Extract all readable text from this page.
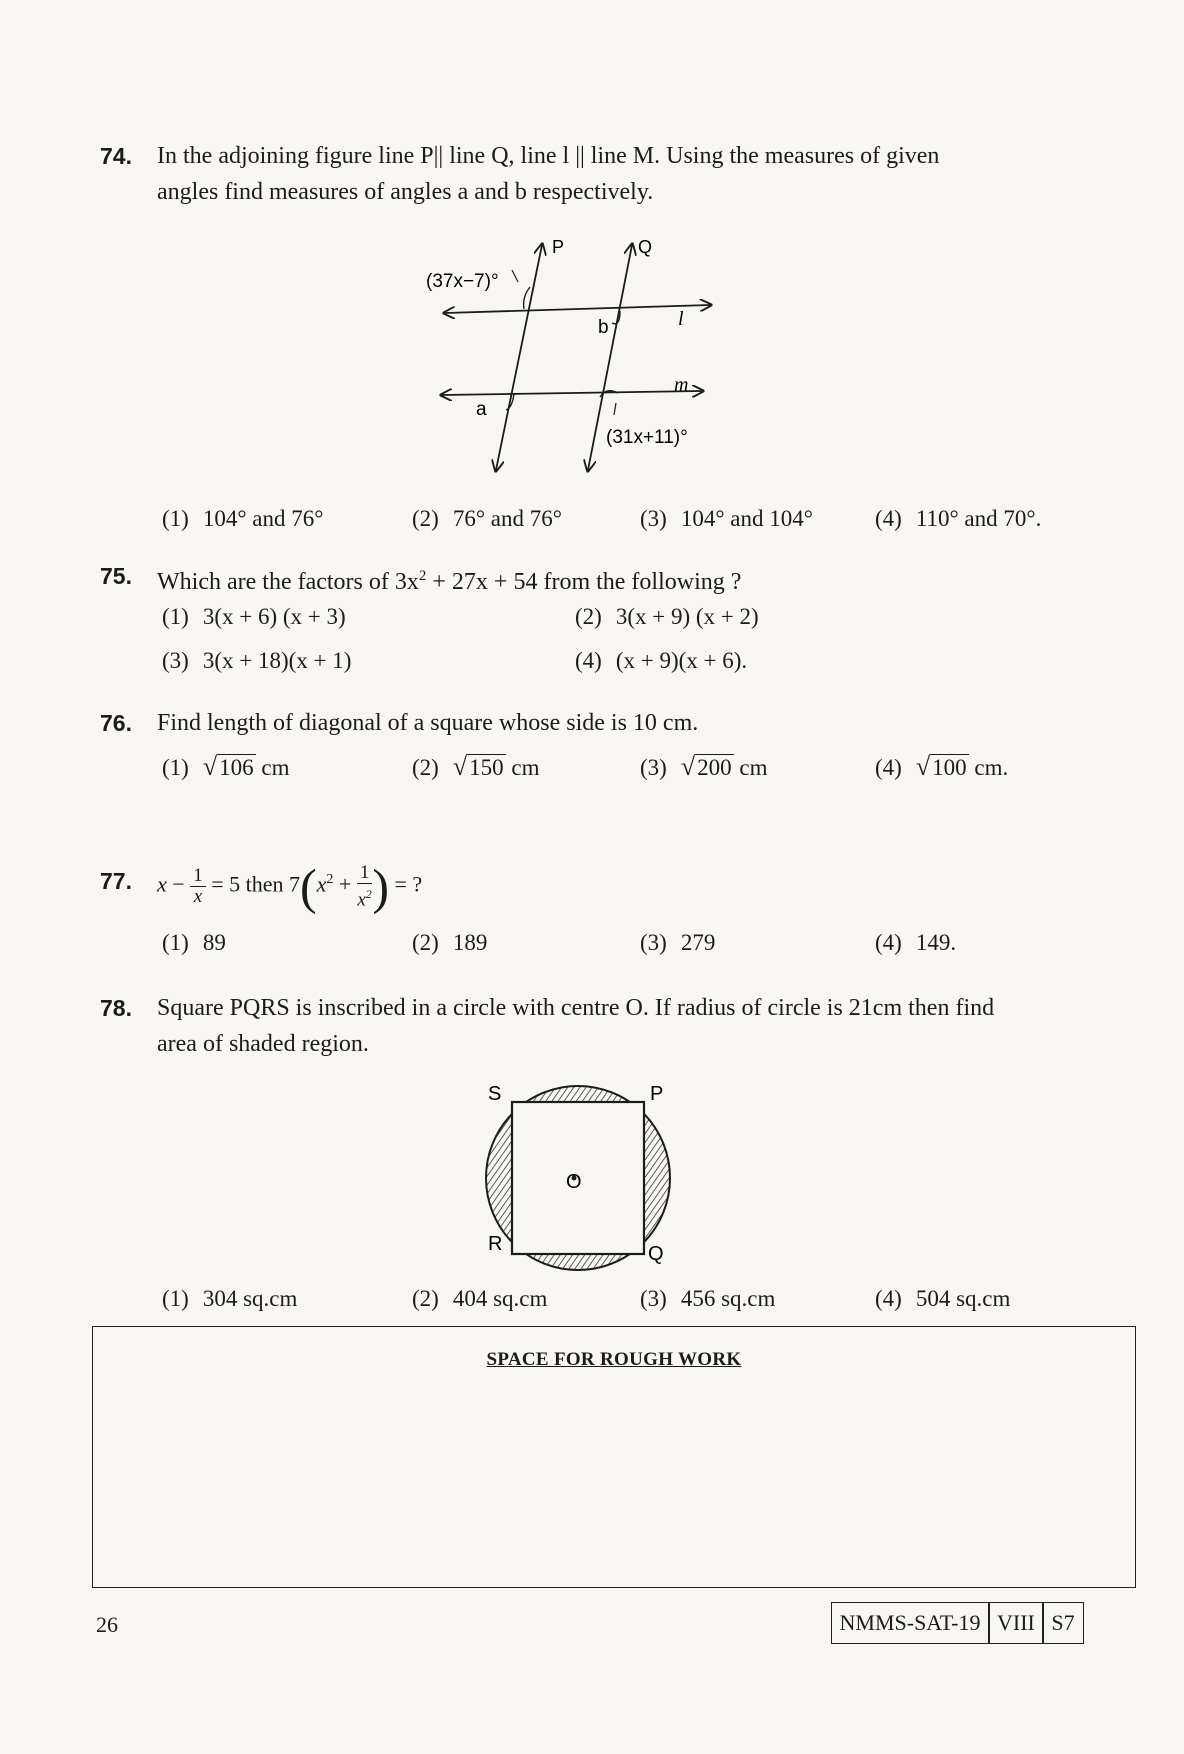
74. In the adjoining figure line P|| line Q, line l || line M. Using the measures of given
angles find measures of angles a and b respectively.
(37x−7)°
P	Q
l
b
a
m
(31x+11)°
(1) 104° and 76°	(2) 76° and 76°	(3) 104° and 104°	(4) 110° and 70°.
75. Which are the factors of $3x^2 + 27x + 54$ from the following ?
(1) 3(x + 6) (x + 3)	(2) 3(x + 9) (x + 2)
(3) 3(x + 18)(x + 1)	(4) (x + 9)(x + 6).
76. Find length of diagonal of a square whose side is 10 cm.
(1) √106 cm	(2) √150 cm	(3) √200 cm	(4) √100 cm.
77. $x - \frac{1}{x} = 5$ then $7(x^2 + \frac{1}{x^2}$ ) = ?
(1) 89	(2) 189	(3) 279	(4) 149.
78. Square PQRS is inscribed in a circle with centre O. If radius of circle is 21cm then find
area of shaded region.
S	P
O
R	Q
(1) 304 sq.cm	(2) 404 sq.cm	(3) 456 sq.cm	(4) 504 sq.cm
SPACE FOR ROUGH WORK
26	NMMS-SAT-19 VIII S7
